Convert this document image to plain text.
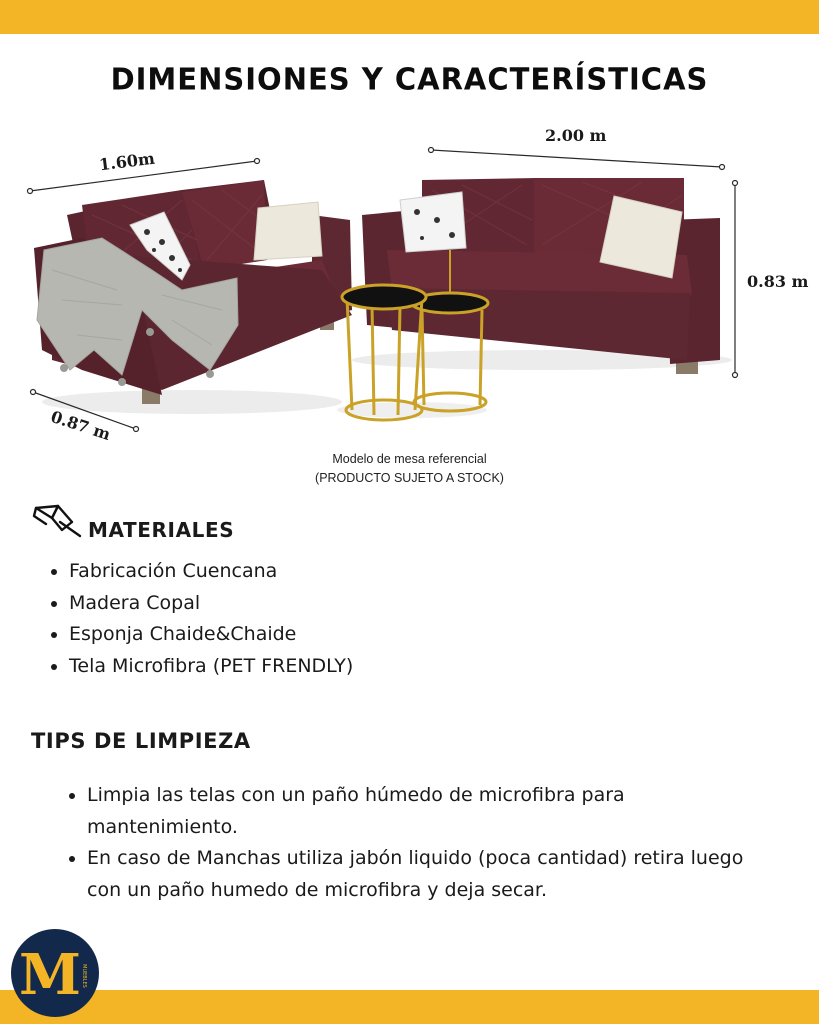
DIMENSIONES Y CARACTERÍSTICAS
1.60m
2.00 m
0.83 m
0.87 m
Modelo de mesa referencial
(PRODUCTO SUJETO A STOCK)
MATERIALES
• Fabricación Cuencana
• Madera Copal
• Esponja Chaide&Chaide
• Tela Microfibra (PET FRENDLY)
TIPS DE LIMPIEZA
• Limpia las telas con un paño húmedo de microfibra para mantenimiento.
• En caso de Manchas utiliza jabón liquido (poca cantidad) retira luego con un paño humedo de microfibra y deja secar.
M MUEBLES
